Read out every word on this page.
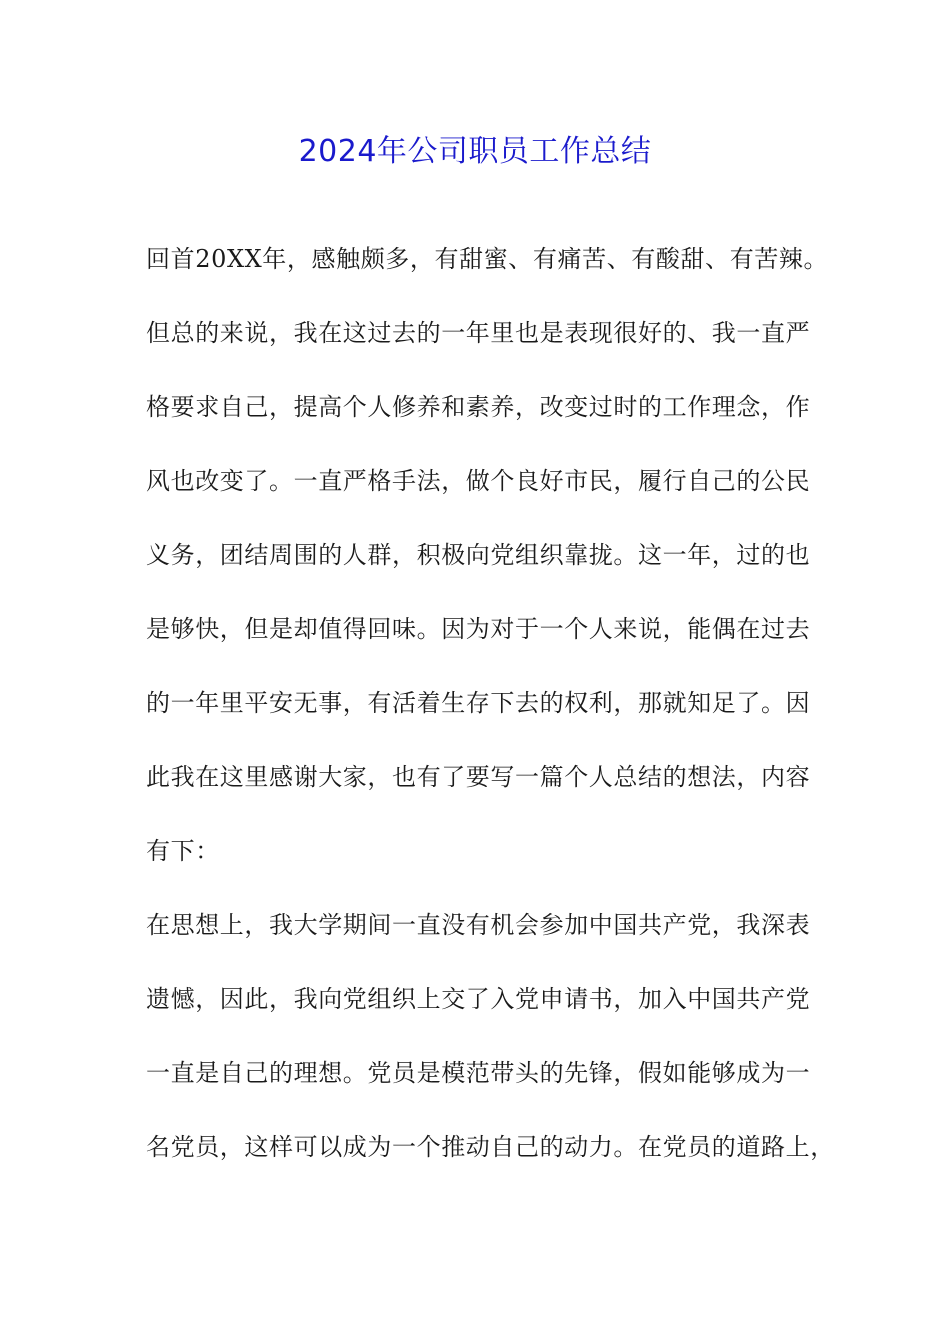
2024年公司职员工作总结
回首20XX年，感触颇多，有甜蜜、有痛苦、有酸甜、有苦辣。
但总的来说，我在这过去的一年里也是表现很好的、我一直严
格要求自己，提高个人修养和素养，改变过时的工作理念，作
风也改变了。一直严格手法，做个良好市民，履行自己的公民
义务，团结周围的人群，积极向党组织靠拢。这一年，过的也
是够快，但是却值得回味。因为对于一个人来说，能偶在过去
的一年里平安无事，有活着生存下去的权利，那就知足了。因
此我在这里感谢大家，也有了要写一篇个人总结的想法，内容
有下：
在思想上，我大学期间一直没有机会参加中国共产党，我深表
遗憾，因此，我向党组织上交了入党申请书，加入中国共产党
一直是自己的理想。党员是模范带头的先锋，假如能够成为一
名党员，这样可以成为一个推动自己的动力。在党员的道路上，
